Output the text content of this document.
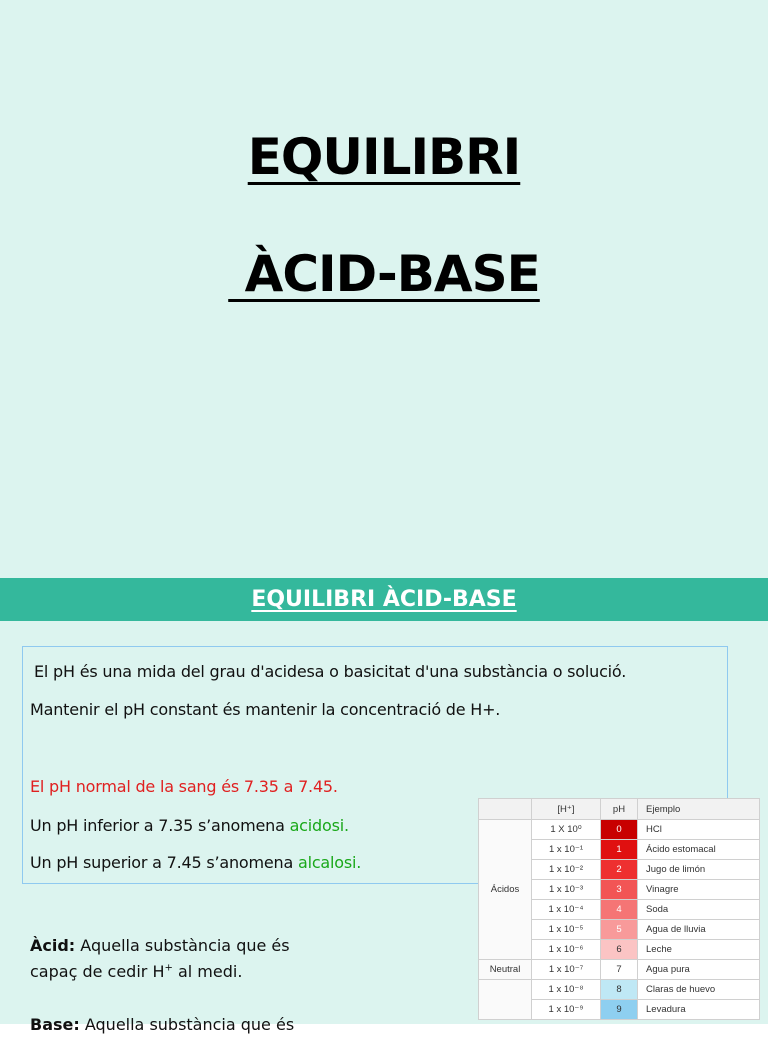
EQUILIBRI
ÀCID-BASE
EQUILIBRI ÀCID-BASE
El pH és una mida del grau d'acidesa o basicitat d'una substància o solució.
Mantenir el pH constant és mantenir la concentració de H+.
El pH normal de la sang és 7.35 a 7.45.
Un pH inferior a 7.35 s’anomena acidosi.
Un pH superior a 7.45 s’anomena alcalosi.
Àcid: Aquella substància que és capaç de cedir H+ al medi.
Base: Aquella substància que és
	[H⁺]	pH	Ejemplo
Ácidos	1 X 10⁰	0	HCl
	1 x 10⁻¹	1	Ácido estomacal
	1 x 10⁻²	2	Jugo de limón
	1 x 10⁻³	3	Vinagre
	1 x 10⁻⁴	4	Soda
	1 x 10⁻⁵	5	Agua de lluvia
	1 x 10⁻⁶	6	Leche
Neutral	1 x 10⁻⁷	7	Agua pura
	1 x 10⁻⁸	8	Claras de huevo
	1 x 10⁻⁹	9	Levadura
